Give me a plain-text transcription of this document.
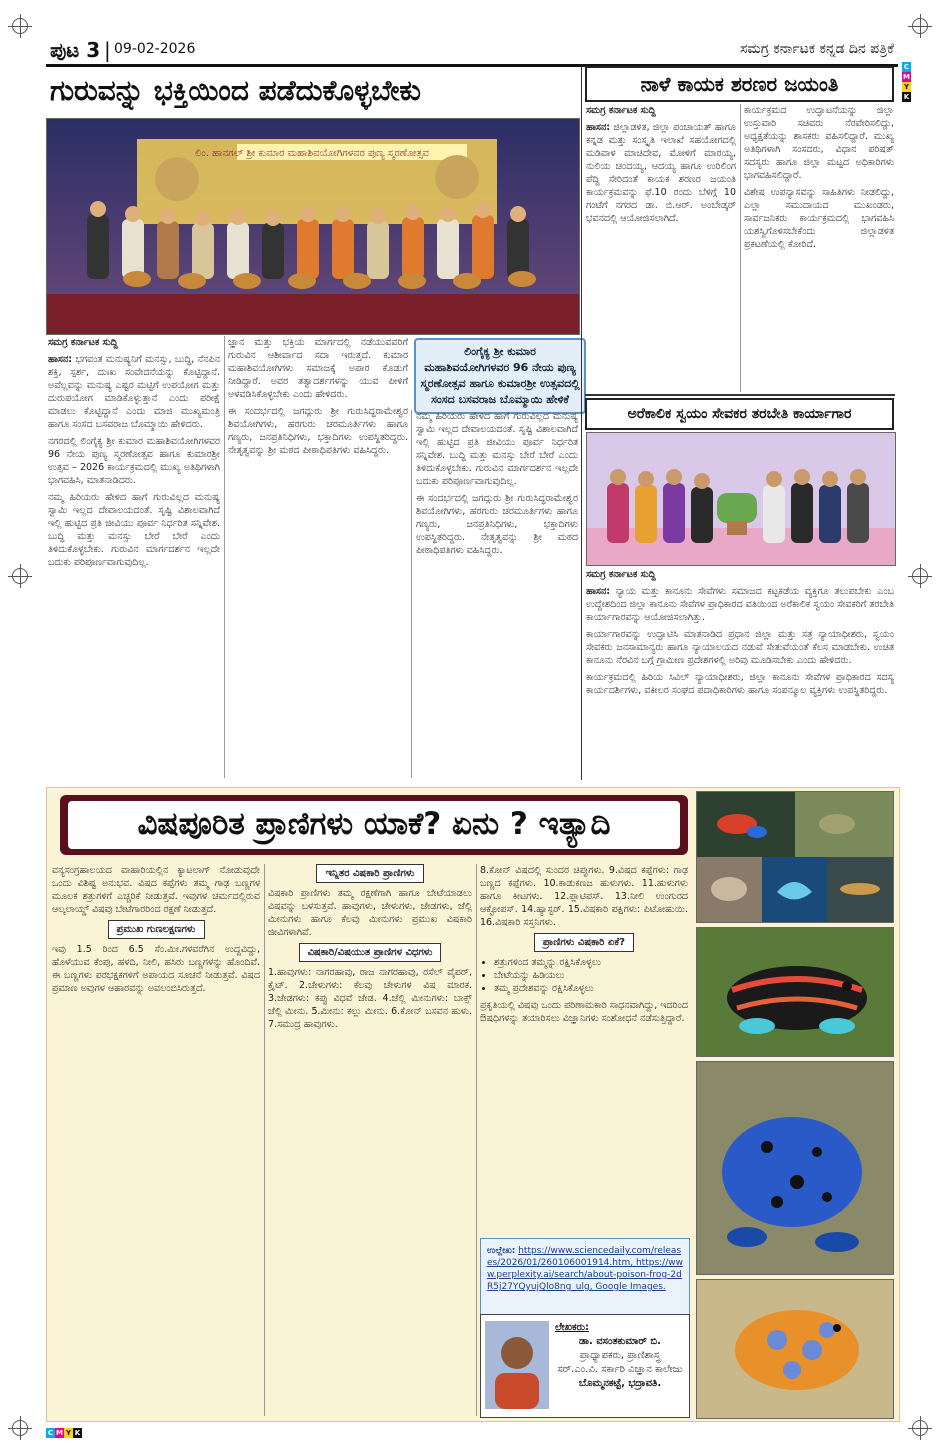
C
M
Y
K
C M Y K
ಪುಟ 3 | 09-02-2026	ಸಮಗ್ರ ಕರ್ನಾಟಕ ಕನ್ನಡ ದಿನ ಪತ್ರಿಕೆ
ಗುರುವನ್ನು ಭಕ್ತಿಯಿಂದ ಪಡೆದುಕೊಳ್ಳಬೇಕು
ಲಿಂ. ಹಾನಗಲ್ ಶ್ರೀ ಕುಮಾರ ಮಹಾಶಿವಯೋಗಿಗಳವರ ಪುಣ್ಯ ಸ್ಮರಣೋತ್ಸವ

ಸಮಗ್ರ ಕರ್ನಾಟಕ ಸುದ್ದಿ

ಹಾಸನ: ಭಗವಂತ ಮನುಷ್ಯನಿಗೆ ಮನಸ್ಸು, ಬುದ್ಧಿ, ನೆನಪಿನ ಶಕ್ತಿ, ಸ್ಪರ್ಶ, ದುಃಖ ಸಂವೇದನೆಯನ್ನು ಕೊಟ್ಟಿದ್ದಾನೆ. ಅವೆಲ್ಲವನ್ನು ಮನುಷ್ಯ ಎಷ್ಟರ ಮಟ್ಟಿಗೆ ಉಪಯೋಗ ಮತ್ತು ದುರುಪಯೋಗ ಮಾಡಿಕೊಳ್ಳುತ್ತಾನೆ ಎಂದು ಪರೀಕ್ಷೆ ಮಾಡಲು ಕೊಟ್ಟಿದ್ದಾನೆ ಎಂದು ಮಾಜಿ ಮುಖ್ಯಮಂತ್ರಿ ಹಾಗೂ ಸಂಸದ ಬಸವರಾಜ ಬೊಮ್ಮಾಯಿ ಹೇಳಿದರು.

ನಗರದಲ್ಲಿ ಲಿಂಗೈಕ್ಯ ಶ್ರೀ ಕುಮಾರ ಮಹಾಶಿವಯೋಗಿಗಳವರ 96 ನೇಯ ಪುಣ್ಯ ಸ್ಮರಣೋತ್ಸವ ಹಾಗೂ ಕುಮಾರಶ್ರೀ ಉತ್ಸವ – 2026 ಕಾರ್ಯಕ್ರಮದಲ್ಲಿ ಮುಖ್ಯ ಅತಿಥಿಗಳಾಗಿ ಭಾಗವಹಿಸಿ, ಮಾತನಾಡಿದರು.

ನಮ್ಮ ಹಿರಿಯರು ಹೇಳಿದ ಹಾಗೆ ಗುರುವಿಲ್ಲದ ಮನುಷ್ಯ ಸ್ವಾಮಿ ಇಲ್ಲದ ದೇವಾಲಯದಂತೆ. ಸೃಷ್ಟಿ ವಿಶಾಲವಾಗಿದೆ ಇಲ್ಲಿ ಹುಟ್ಟಿದ ಪ್ರತಿ ಜೀವಿಯು ಪೂರ್ವ ನಿರ್ಧರಿತ ಸನ್ನಿವೇಶ. ಬುದ್ಧಿ ಮತ್ತು ಮನಸ್ಸು ಬೇರೆ ಬೇರೆ ಎಂದು ತಿಳಿದುಕೊಳ್ಳಬೇಕು. ಗುರುವಿನ ಮಾರ್ಗದರ್ಶನ ಇಲ್ಲದೇ ಬದುಕು ಪರಿಪೂರ್ಣವಾಗುವುದಿಲ್ಲ.

ಜ್ಞಾನ ಮತ್ತು ಭಕ್ತಿಯ ಮಾರ್ಗದಲ್ಲಿ ನಡೆಯುವವರಿಗೆ ಗುರುವಿನ ಆಶೀರ್ವಾದ ಸದಾ ಇರುತ್ತದೆ. ಕುಮಾರ ಮಹಾಶಿವಯೋಗಿಗಳು ಸಮಾಜಕ್ಕೆ ಅಪಾರ ಕೊಡುಗೆ ನೀಡಿದ್ದಾರೆ. ಅವರ ತತ್ವಾದರ್ಶಗಳನ್ನು ಯುವ ಪೀಳಿಗೆ ಅಳವಡಿಸಿಕೊಳ್ಳಬೇಕು ಎಂದು ಹೇಳಿದರು.

ಈ ಸಂದರ್ಭದಲ್ಲಿ ಜಗದ್ಗುರು ಶ್ರೀ ಗುರುಸಿದ್ಧರಾಮೇಶ್ವರ ಶಿವಯೋಗಿಗಳು, ಹರಗುರು ಚರಮೂರ್ತಿಗಳು ಹಾಗೂ ಗಣ್ಯರು, ಜನಪ್ರತಿನಿಧಿಗಳು, ಭಕ್ತಾದಿಗಳು ಉಪಸ್ಥಿತರಿದ್ದರು. ನೇತೃತ್ವವನ್ನು ಶ್ರೀ ಮಠದ ಪೀಠಾಧಿಪತಿಗಳು ವಹಿಸಿದ್ದರು.

ಲಿಂಗೈಕ್ಯ ಶ್ರೀ ಕುಮಾರ ಮಹಾಶಿವಯೋಗಿಗಳವರ 96 ನೇಯ ಪುಣ್ಯ ಸ್ಮರಣೋತ್ಸವ ಹಾಗೂ ಕುಮಾರಶ್ರೀ ಉತ್ಸವದಲ್ಲಿ ಸಂಸದ ಬಸವರಾಜ ಬೊಮ್ಮಾಯಿ ಹೇಳಿಕೆ

ನಮ್ಮ ಹಿರಿಯರು ಹೇಳಿದ ಹಾಗೆ ಗುರುವಿಲ್ಲದ ಮನುಷ್ಯ ಸ್ವಾಮಿ ಇಲ್ಲದ ದೇವಾಲಯದಂತೆ. ಸೃಷ್ಟಿ ವಿಶಾಲವಾಗಿದೆ ಇಲ್ಲಿ ಹುಟ್ಟಿದ ಪ್ರತಿ ಜೀವಿಯು ಪೂರ್ವ ನಿರ್ಧರಿತ ಸನ್ನಿವೇಶ. ಬುದ್ಧಿ ಮತ್ತು ಮನಸ್ಸು ಬೇರೆ ಬೇರೆ ಎಂದು ತಿಳಿದುಕೊಳ್ಳಬೇಕು. ಗುರುವಿನ ಮಾರ್ಗದರ್ಶನ ಇಲ್ಲದೇ ಬದುಕು ಪರಿಪೂರ್ಣವಾಗುವುದಿಲ್ಲ.

ಈ ಸಂದರ್ಭದಲ್ಲಿ ಜಗದ್ಗುರು ಶ್ರೀ ಗುರುಸಿದ್ಧರಾಮೇಶ್ವರ ಶಿವಯೋಗಿಗಳು, ಹರಗುರು ಚರಮೂರ್ತಿಗಳು ಹಾಗೂ ಗಣ್ಯರು, ಜನಪ್ರತಿನಿಧಿಗಳು, ಭಕ್ತಾದಿಗಳು ಉಪಸ್ಥಿತರಿದ್ದರು. ನೇತೃತ್ವವನ್ನು ಶ್ರೀ ಮಠದ ಪೀಠಾಧಿಪತಿಗಳು ವಹಿಸಿದ್ದರು.

ನಾಳೆ ಕಾಯಕ ಶರಣರ ಜಯಂತಿ

ಸಮಗ್ರ ಕರ್ನಾಟಕ ಸುದ್ದಿ

ಹಾಸನ: ಜಿಲ್ಲಾಡಳಿತ, ಜಿಲ್ಲಾ ಪಂಚಾಯತ್ ಹಾಗೂ ಕನ್ನಡ ಮತ್ತು ಸಂಸ್ಕೃತಿ ಇಲಾಖೆ ಸಹಯೋಗದಲ್ಲಿ ಮಡಿವಾಳ ಮಾಚಿದೇವ, ಮೋಳಿಗೆ ಮಾರಯ್ಯ, ನುಲಿಯ ಚಂದಯ್ಯ, ಆದಯ್ಯ ಹಾಗೂ ಉರಿಲಿಂಗ ಪೆದ್ದಿ ಸೇರಿದಂತೆ ಕಾಯಕ ಶರಣರ ಜಯಂತಿ ಕಾರ್ಯಕ್ರಮವನ್ನು ಫೆ.10 ರಂದು ಬೆಳಿಗ್ಗೆ 10 ಗಂಟೆಗೆ ನಗರದ ಡಾ. ಬಿ.ಆರ್. ಅಂಬೇಡ್ಕರ್ ಭವನದಲ್ಲಿ ಆಯೋಜಿಸಲಾಗಿದೆ.

ಕಾರ್ಯಕ್ರಮದ ಉದ್ಘಾಟನೆಯನ್ನು ಜಿಲ್ಲಾ ಉಸ್ತುವಾರಿ ಸಚಿವರು ನೆರವೇರಿಸಲಿದ್ದು, ಅಧ್ಯಕ್ಷತೆಯನ್ನು ಶಾಸಕರು ವಹಿಸಲಿದ್ದಾರೆ. ಮುಖ್ಯ ಅತಿಥಿಗಳಾಗಿ ಸಂಸದರು, ವಿಧಾನ ಪರಿಷತ್ ಸದಸ್ಯರು ಹಾಗೂ ಜಿಲ್ಲಾ ಮಟ್ಟದ ಅಧಿಕಾರಿಗಳು ಭಾಗವಹಿಸಲಿದ್ದಾರೆ.

ವಿಶೇಷ ಉಪನ್ಯಾಸವನ್ನು ಸಾಹಿತಿಗಳು ನೀಡಲಿದ್ದು, ಎಲ್ಲಾ ಸಮುದಾಯದ ಮುಖಂಡರು, ಸಾರ್ವಜನಿಕರು ಕಾರ್ಯಕ್ರಮದಲ್ಲಿ ಭಾಗವಹಿಸಿ ಯಶಸ್ವಿಗೊಳಿಸಬೇಕೆಂದು ಜಿಲ್ಲಾಡಳಿತ ಪ್ರಕಟಣೆಯಲ್ಲಿ ಕೋರಿದೆ.

ಅರೆಕಾಲಿಕ ಸ್ವಯಂ ಸೇವಕರ ತರಬೇತಿ ಕಾರ್ಯಾಗಾರ

ಸಮಗ್ರ ಕರ್ನಾಟಕ ಸುದ್ದಿ

ಹಾಸನ: ನ್ಯಾಯ ಮತ್ತು ಕಾನೂನು ಸೇವೆಗಳು ಸಮಾಜದ ಕಟ್ಟಕಡೆಯ ವ್ಯಕ್ತಿಗೂ ತಲುಪಬೇಕು ಎಂಬ ಉದ್ದೇಶದಿಂದ ಜಿಲ್ಲಾ ಕಾನೂನು ಸೇವೆಗಳ ಪ್ರಾಧಿಕಾರದ ವತಿಯಿಂದ ಅರೆಕಾಲಿಕ ಸ್ವಯಂ ಸೇವಕರಿಗೆ ತರಬೇತಿ ಕಾರ್ಯಾಗಾರವನ್ನು ಆಯೋಜಿಸಲಾಗಿತ್ತು.

ಕಾರ್ಯಾಗಾರವನ್ನು ಉದ್ಘಾಟಿಸಿ ಮಾತನಾಡಿದ ಪ್ರಧಾನ ಜಿಲ್ಲಾ ಮತ್ತು ಸತ್ರ ನ್ಯಾಯಾಧೀಶರು, ಸ್ವಯಂ ಸೇವಕರು ಜನಸಾಮಾನ್ಯರು ಹಾಗೂ ನ್ಯಾಯಾಲಯದ ನಡುವೆ ಸೇತುವೆಯಂತೆ ಕೆಲಸ ಮಾಡಬೇಕು. ಉಚಿತ ಕಾನೂನು ನೆರವಿನ ಬಗ್ಗೆ ಗ್ರಾಮೀಣ ಪ್ರದೇಶಗಳಲ್ಲಿ ಅರಿವು ಮೂಡಿಸಬೇಕು ಎಂದು ಹೇಳಿದರು.

ಕಾರ್ಯಕ್ರಮದಲ್ಲಿ ಹಿರಿಯ ಸಿವಿಲ್ ನ್ಯಾಯಾಧೀಶರು, ಜಿಲ್ಲಾ ಕಾನೂನು ಸೇವೆಗಳ ಪ್ರಾಧಿಕಾರದ ಸದಸ್ಯ ಕಾರ್ಯದರ್ಶಿಗಳು, ವಕೀಲರ ಸಂಘದ ಪದಾಧಿಕಾರಿಗಳು ಹಾಗೂ ಸಂಪನ್ಮೂಲ ವ್ಯಕ್ತಿಗಳು ಉಪಸ್ಥಿತರಿದ್ದರು.

ವಿಷಪೂರಿತ ಪ್ರಾಣಿಗಳು ಯಾಕೆ? ಏನು ? ಇತ್ಯಾದಿ

ವನ್ಯಸಂಗ್ರಹಾಲಯದ ವಾಹಾರಿಯಲ್ಲಿನ ಕ್ಯಾಟಲಾಗ್ ನೋಡುವುದೇ ಒಂದು ವಿಶಿಷ್ಟ ಅನುಭವ. ವಿಷದ ಕಪ್ಪೆಗಳು ತಮ್ಮ ಗಾಢ ಬಣ್ಣಗಳ ಮೂಲಕ ಶತ್ರುಗಳಿಗೆ ಎಚ್ಚರಿಕೆ ನೀಡುತ್ತವೆ. ಇವುಗಳ ಚರ್ಮದಲ್ಲಿರುವ ಆಲ್ಕಲಾಯ್ಡ್ ವಿಷವು ಬೇಟೆಗಾರರಿಂದ ರಕ್ಷಣೆ ನೀಡುತ್ತದೆ.

ಪ್ರಮುಖ ಗುಣಲಕ್ಷಣಗಳು

ಇವು 1.5 ರಿಂದ 6.5 ಸೆಂ.ಮೀ.ಗಳವರೆಗಿನ ಉದ್ದವಿದ್ದು, ಹೊಳೆಯುವ ಕೆಂಪು, ಹಳದಿ, ನೀಲಿ, ಹಸಿರು ಬಣ್ಣಗಳನ್ನು ಹೊಂದಿವೆ. ಈ ಬಣ್ಣಗಳು ಪರಭಕ್ಷಕಗಳಿಗೆ ಅಪಾಯದ ಸೂಚನೆ ನೀಡುತ್ತವೆ. ವಿಷದ ಪ್ರಮಾಣ ಅವುಗಳ ಆಹಾರವನ್ನು ಅವಲಂಬಿಸಿರುತ್ತದೆ.

ಇನ್ನಿತರ ವಿಷಕಾರಿ ಪ್ರಾಣಿಗಳು

ವಿಷಕಾರಿ ಪ್ರಾಣಿಗಳು ತಮ್ಮ ರಕ್ಷಣೆಗಾಗಿ ಹಾಗೂ ಬೇಟೆಯಾಡಲು ವಿಷವನ್ನು ಬಳಸುತ್ತವೆ. ಹಾವುಗಳು, ಚೇಳುಗಳು, ಜೇಡಗಳು, ಜೆಲ್ಲಿ ಮೀನುಗಳು ಹಾಗೂ ಕೆಲವು ಮೀನುಗಳು ಪ್ರಮುಖ ವಿಷಕಾರಿ ಜೀವಿಗಳಾಗಿವೆ.

ವಿಷಕಾರಿ/ವಿಷಯುತ ಪ್ರಾಣಿಗಳ ವಿಧಗಳು

1.ಹಾವುಗಳು: ನಾಗರಹಾವು, ರಾಜ ನಾಗರಹಾವು, ರಸೆಲ್ ವೈಪರ್, ಕ್ರೈಟ್. 2.ಚೇಳುಗಳು: ಕೆಲವು ಚೇಳುಗಳ ವಿಷ ಮಾರಕ. 3.ಜೇಡಗಳು: ಕಪ್ಪು ವಿಧವೆ ಜೇಡ. 4.ಜೆಲ್ಲಿ ಮೀನುಗಳು: ಬಾಕ್ಸ್ ಜೆಲ್ಲಿ ಮೀನು. 5.ಮೀನು: ಕಲ್ಲು ಮೀನು. 6.ಕೋನ್ ಬಸವನ ಹುಳು. 7.ಸಮುದ್ರ ಹಾವುಗಳು.

8.ಕೋನ್ ವಿಷದಲ್ಲಿ ಸುಂದರ ಚಿಪ್ಪುಗಳು. 9.ವಿಷದ ಕಪ್ಪೆಗಳು: ಗಾಢ ಬಣ್ಣದ ಕಪ್ಪೆಗಳು. 10.ಕಾಡುಕಣಜ ಹುಳುಗಳು. 11.ಹುಳುಗಳು ಹಾಗೂ ಕೀಟಗಳು. 12.ಪ್ಲಾಟಿಪಸ್. 13.ನೀಲಿ ಉಂಗುರದ ಆಕ್ಟೋಪಸ್. 14.ಹ್ಯಾಸ್ಟರ್. 15.ವಿಷಕಾರಿ ಪಕ್ಷಿಗಳು: ಪಿಟೋಹುಯಿ. 16.ವಿಷಕಾರಿ ಸಸ್ತನಿಗಳು.

ಪ್ರಾಣಿಗಳು ವಿಷಕಾರಿ ಏಕೆ?
• ಶತ್ರುಗಳಿಂದ ತಮ್ಮನ್ನು ರಕ್ಷಿಸಿಕೊಳ್ಳಲು
• ಬೇಟೆಯನ್ನು ಹಿಡಿಯಲು
• ತಮ್ಮ ಪ್ರದೇಶವನ್ನು ರಕ್ಷಿಸಿಕೊಳ್ಳಲು

ಪ್ರಕೃತಿಯಲ್ಲಿ ವಿಷವು ಒಂದು ಪರಿಣಾಮಕಾರಿ ಸಾಧನವಾಗಿದ್ದು, ಇದರಿಂದ ಔಷಧಿಗಳನ್ನು ತಯಾರಿಸಲು ವಿಜ್ಞಾನಿಗಳು ಸಂಶೋಧನೆ ನಡೆಸುತ್ತಿದ್ದಾರೆ.

ಉಲ್ಲೇಖ: https://www.sciencedaily.com/releases/2026/01/260106001914.htm, https://www.perplexity.ai/search/about-poison-frog-2dR5j27YQyujQlo8ng_ulg, Google Images.
ಲೇಖಕರು:
ಡಾ. ವಸಂತಕುಮಾರ್ ಬಿ.
ಪ್ರಾಧ್ಯಾಪಕರು, ಪ್ರಾಣಿಶಾಸ್ತ್ರ
ಸರ್.ಎಂ.ವಿ. ಸರ್ಕಾರಿ ವಿಜ್ಞಾನ ಕಾಲೇಜು
ಬೊಮ್ಮನಕಟ್ಟೆ, ಭದ್ರಾವತಿ.
